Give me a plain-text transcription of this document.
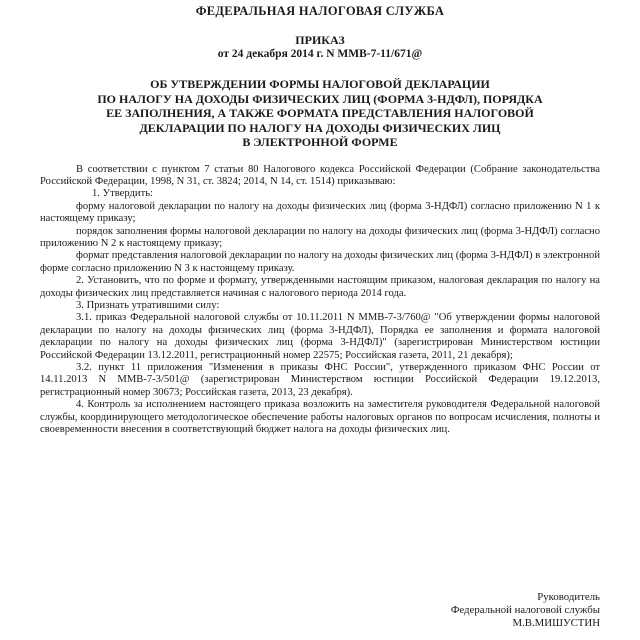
ФЕДЕРАЛЬНАЯ НАЛОГОВАЯ СЛУЖБА
ПРИКАЗ
от 24 декабря 2014 г. N ММВ-7-11/671@
ОБ УТВЕРЖДЕНИИ ФОРМЫ НАЛОГОВОЙ ДЕКЛАРАЦИИ
ПО НАЛОГУ НА ДОХОДЫ ФИЗИЧЕСКИХ ЛИЦ (ФОРМА 3-НДФЛ), ПОРЯДКА
ЕЕ ЗАПОЛНЕНИЯ, А ТАКЖЕ ФОРМАТА ПРЕДСТАВЛЕНИЯ НАЛОГОВОЙ
ДЕКЛАРАЦИИ ПО НАЛОГУ НА ДОХОДЫ ФИЗИЧЕСКИХ ЛИЦ
В ЭЛЕКТРОННОЙ ФОРМЕ

В соответствии с пунктом 7 статьи 80 Налогового кодекса Российской Федерации (Собрание законодательства Российской Федерации, 1998, N 31, ст. 3824; 2014, N 14, ст. 1514) приказываю:

1. Утвердить:

форму налоговой декларации по налогу на доходы физических лиц (форма 3-НДФЛ) согласно приложению N 1 к настоящему приказу;

порядок заполнения формы налоговой декларации по налогу на доходы физических лиц (форма 3-НДФЛ) согласно приложению N 2 к настоящему приказу;

формат представления налоговой декларации по налогу на доходы физических лиц (форма 3-НДФЛ) в электронной форме согласно приложению N 3 к настоящему приказу.

2. Установить, что по форме и формату, утвержденными настоящим приказом, налоговая декларация по налогу на доходы физических лиц представляется начиная с налогового периода 2014 года.

3. Признать утратившими силу:

3.1. приказ Федеральной налоговой службы от 10.11.2011 N ММВ-7-3/760@ "Об утверждении формы налоговой декларации по налогу на доходы физических лиц (форма 3-НДФЛ), Порядка ее заполнения и формата налоговой декларации по налогу на доходы физических лиц (форма 3-НДФЛ)" (зарегистрирован Министерством юстиции Российской Федерации 13.12.2011, регистрационный номер 22575; Российская газета, 2011, 21 декабря);

3.2. пункт 11 приложения "Изменения в приказы ФНС России", утвержденного приказом ФНС России от 14.11.2013 N ММВ-7-3/501@ (зарегистрирован Министерством юстиции Российской Федерации 19.12.2013, регистрационный номер 30673; Российская газета, 2013, 23 декабря).

4. Контроль за исполнением настоящего приказа возложить на заместителя руководителя Федеральной налоговой службы, координирующего методологическое обеспечение работы налоговых органов по вопросам исчисления, полноты и своевременности внесения в соответствующий бюджет налога на доходы физических лиц.

Руководитель
Федеральной налоговой службы
М.В.МИШУСТИН
